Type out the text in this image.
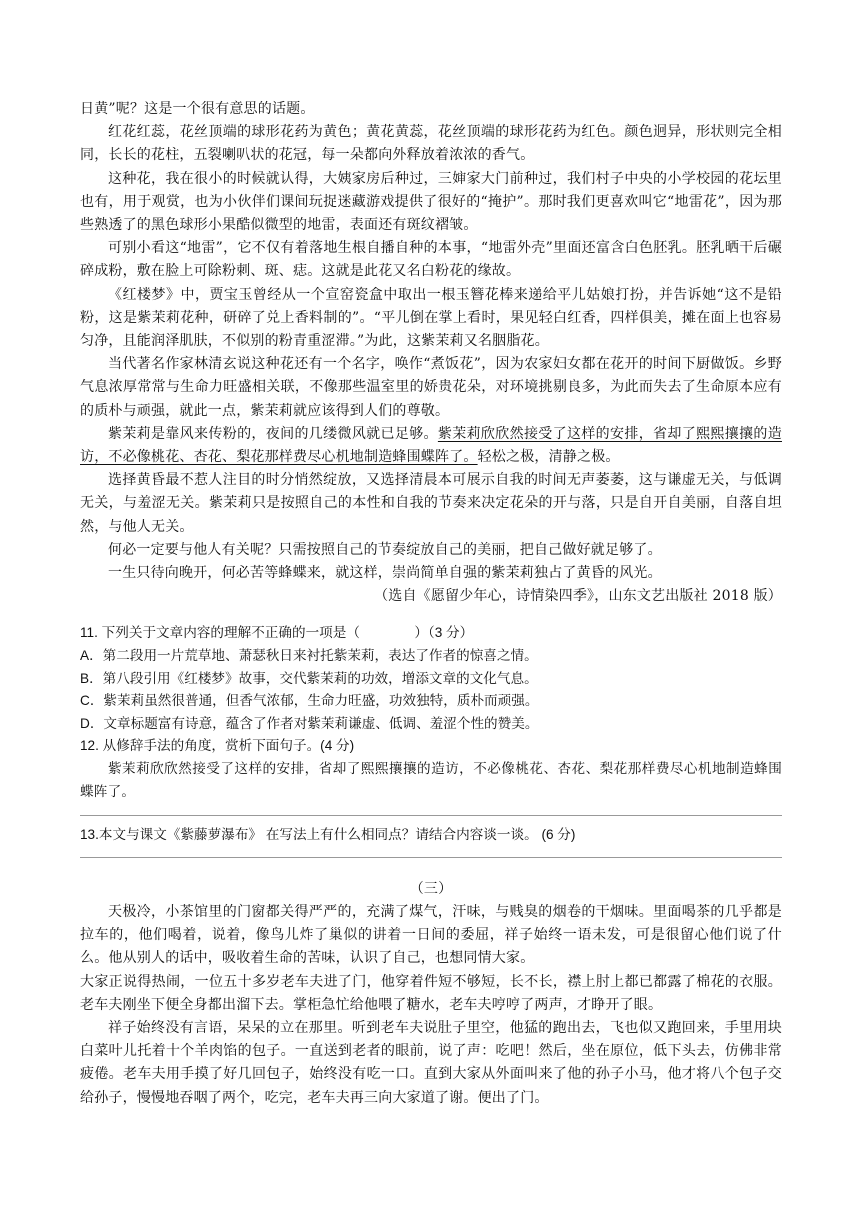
日黄”呢？这是一个很有意思的话题。

红花红蕊，花丝顶端的球形花药为黄色；黄花黄蕊，花丝顶端的球形花药为红色。颜色迥异，形状则完全相同，长长的花柱，五裂喇叭状的花冠，每一朵都向外释放着浓浓的香气。

这种花，我在很小的时候就认得，大姨家房后种过，三婶家大门前种过，我们村子中央的小学校园的花坛里也有，用于观赏，也为小伙伴们课间玩捉迷藏游戏提供了很好的“掩护”。那时我们更喜欢叫它“地雷花”，因为那些熟透了的黑色球形小果酷似微型的地雷，表面还有斑纹褶皱。

可别小看这“地雷”，它不仅有着落地生根自播自种的本事，“地雷外壳”里面还富含白色胚乳。胚乳晒干后碾碎成粉，敷在脸上可除粉刺、斑、痣。这就是此花又名白粉花的缘故。

《红楼梦》中，贾宝玉曾经从一个宣窑瓷盒中取出一根玉簪花棒来递给平儿姑娘打扮，并告诉她“这不是铅粉，这是紫茉莉花种，研碎了兑上香料制的”。“平儿倒在掌上看时，果见轻白红香，四样俱美，摊在面上也容易匀净，且能润泽肌肤，不似别的粉青重涩滞。”为此，这紫茉莉又名胭脂花。

当代著名作家林清玄说这种花还有一个名字，唤作“煮饭花”，因为农家妇女都在花开的时间下厨做饭。乡野气息浓厚常常与生命力旺盛相关联，不像那些温室里的娇贵花朵，对环境挑剔良多，为此而失去了生命原本应有的质朴与顽强，就此一点，紫茉莉就应该得到人们的尊敬。

紫茉莉是靠风来传粉的，夜间的几缕微风就已足够。紫茉莉欣欣然接受了这样的安排，省却了熙熙攘攘的造访，不必像桃花、杏花、梨花那样费尽心机地制造蜂围蝶阵了。轻松之极，清静之极。

选择黄昏最不惹人注目的时分悄然绽放，又选择清晨本可展示自我的时间无声萎萎，这与谦虚无关，与低调无关，与羞涩无关。紫茉莉只是按照自己的本性和自我的节奏来决定花朵的开与落，只是自开自美丽，自落自坦然，与他人无关。

何必一定要与他人有关呢？只需按照自己的节奏绽放自己的美丽，把自己做好就足够了。

一生只待向晚开，何必苦等蜂蝶来，就这样，崇尚简单自强的紫茉莉独占了黄昏的风光。

（选自《愿留少年心，诗情染四季》，山东文艺出版社 2018 版）

11. 下列关于文章内容的理解不正确的一项是（　　　　）（3 分）

A．第二段用一片荒草地、萧瑟秋日来衬托紫茉莉，表达了作者的惊喜之情。

B．第八段引用《红楼梦》故事，交代紫茉莉的功效，增添文章的文化气息。

C．紫茉莉虽然很普通，但香气浓郁，生命力旺盛，功效独特，质朴而顽强。

D．文章标题富有诗意，蕴含了作者对紫茉莉谦虚、低调、羞涩个性的赞美。

12. 从修辞手法的角度，赏析下面句子。(4 分)

紫茉莉欣欣然接受了这样的安排，省却了熙熙攘攘的造访，不必像桃花、杏花、梨花那样费尽心机地制造蜂围蝶阵了。

13.本文与课文《紫藤萝瀑布》 在写法上有什么相同点？请结合内容谈一谈。 (6 分)

（三）

天极冷，小茶馆里的门窗都关得严严的，充满了煤气，汗味，与贱臭的烟卷的干烟味。里面喝茶的几乎都是拉车的，他们喝着，说着，像鸟儿炸了巢似的讲着一日间的委屈，祥子始终一语未发，可是很留心他们说了什么。他从别人的话中，吸收着生命的苦味，认识了自己，也想同情大家。

大家正说得热闹，一位五十多岁老车夫进了门，他穿着件短不够短，长不长，襟上肘上都已都露了棉花的衣服。老车夫刚坐下便全身都出溜下去。掌柜急忙给他喂了糖水，老车夫哼哼了两声，才睁开了眼。

祥子始终没有言语，呆呆的立在那里。听到老车夫说肚子里空，他猛的跑出去，飞也似又跑回来，手里用块白菜叶儿托着十个羊肉馅的包子。一直送到老者的眼前，说了声：吃吧！然后，坐在原位，低下头去，仿佛非常疲倦。老车夫用手摸了好几回包子，始终没有吃一口。直到大家从外面叫来了他的孙子小马，他才将八个包子交给孙子，慢慢地吞咽了两个，吃完，老车夫再三向大家道了谢。便出了门。
